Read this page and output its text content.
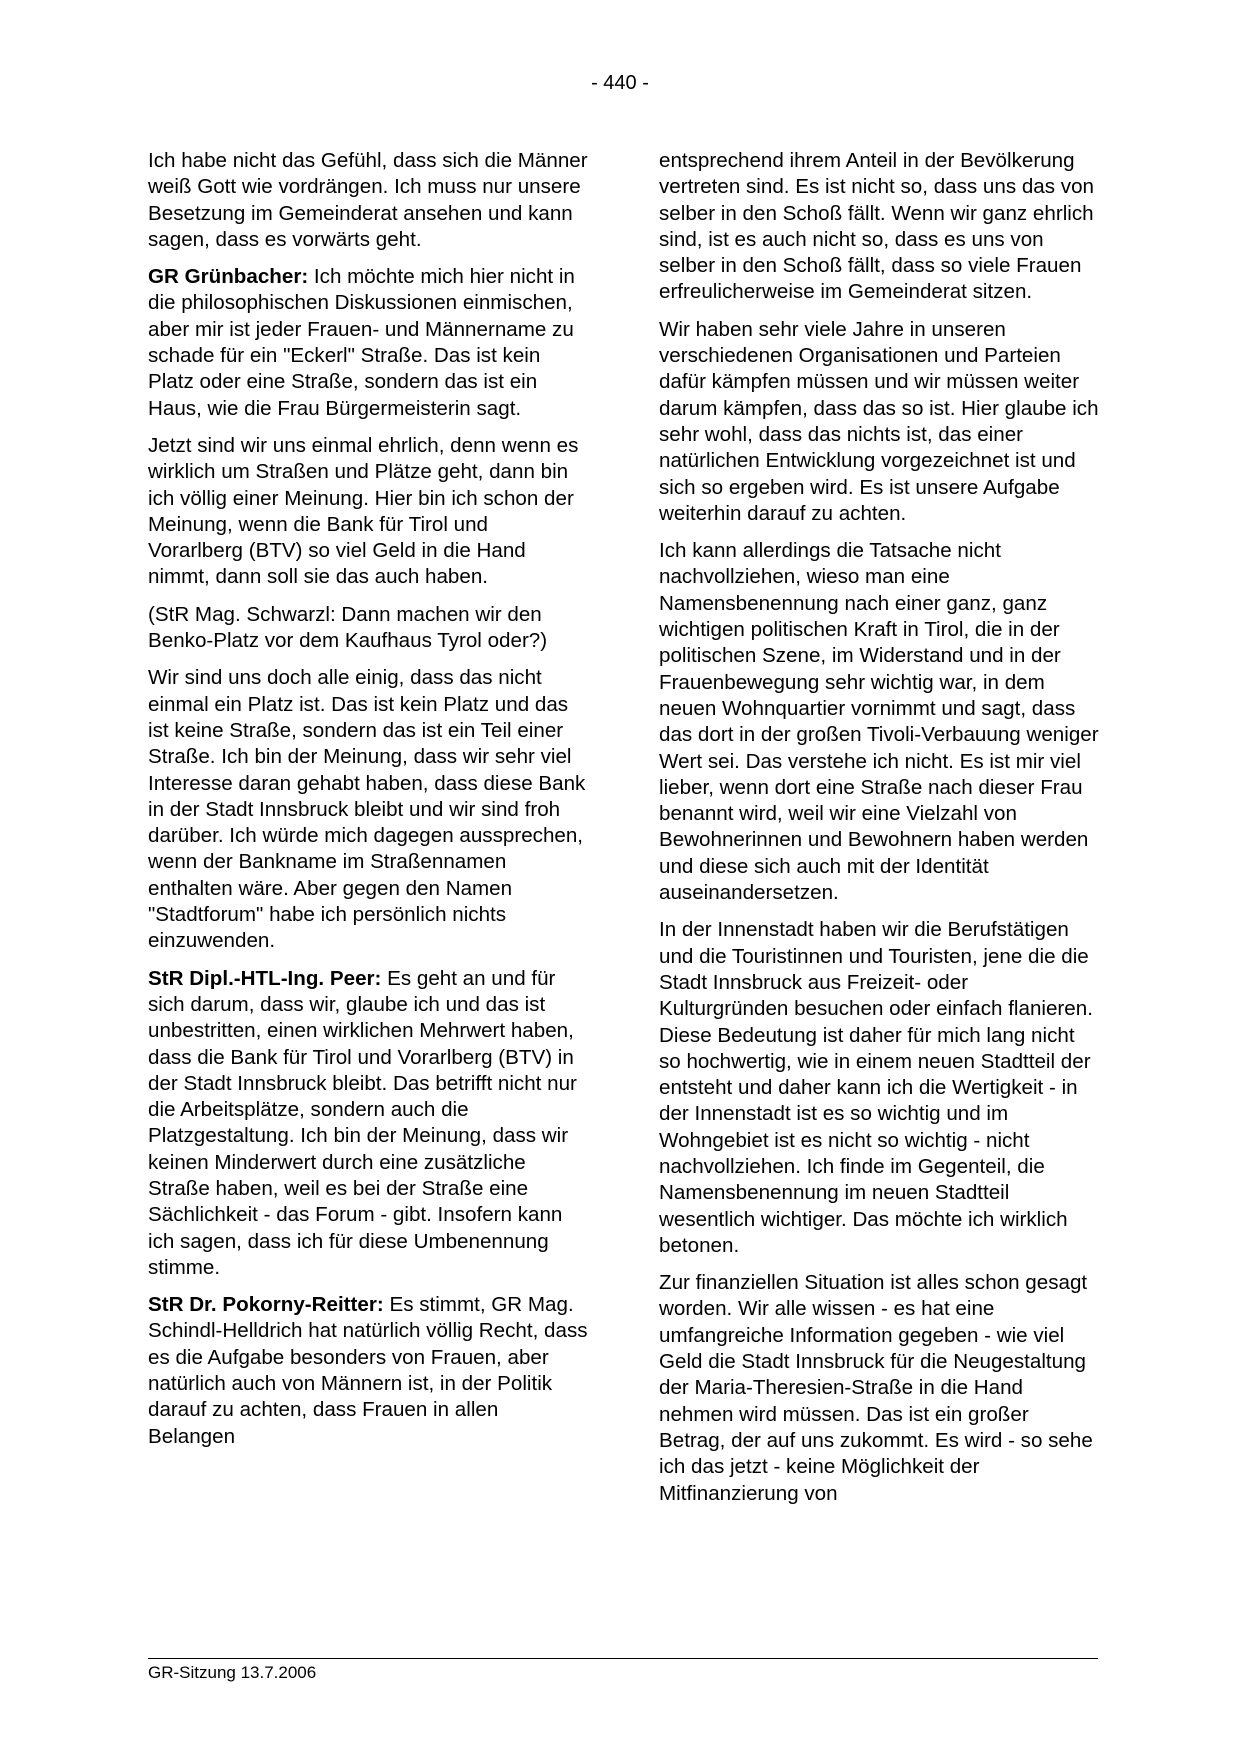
- 440 -

Ich habe nicht das Gefühl, dass sich die Männer weiß Gott wie vordrängen. Ich muss nur unsere Besetzung im Gemeinderat ansehen und kann sagen, dass es vorwärts geht.

GR Grünbacher: Ich möchte mich hier nicht in die philosophischen Diskussionen einmischen, aber mir ist jeder Frauen- und Männername zu schade für ein "Eckerl" Straße. Das ist kein Platz oder eine Straße, sondern das ist ein Haus, wie die Frau Bürgermeisterin sagt.

Jetzt sind wir uns einmal ehrlich, denn wenn es wirklich um Straßen und Plätze geht, dann bin ich völlig einer Meinung. Hier bin ich schon der Meinung, wenn die Bank für Tirol und Vorarlberg (BTV) so viel Geld in die Hand nimmt, dann soll sie das auch haben.

(StR Mag. Schwarzl: Dann machen wir den Benko-Platz vor dem Kaufhaus Tyrol oder?)

Wir sind uns doch alle einig, dass das nicht einmal ein Platz ist. Das ist kein Platz und das ist keine Straße, sondern das ist ein Teil einer Straße. Ich bin der Meinung, dass wir sehr viel Interesse daran gehabt haben, dass diese Bank in der Stadt Innsbruck bleibt und wir sind froh darüber. Ich würde mich dagegen aussprechen, wenn der Bankname im Straßennamen enthalten wäre. Aber gegen den Namen "Stadtforum" habe ich persönlich nichts einzuwenden.

StR Dipl.-HTL-Ing. Peer: Es geht an und für sich darum, dass wir, glaube ich und das ist unbestritten, einen wirklichen Mehrwert haben, dass die Bank für Tirol und Vorarlberg (BTV) in der Stadt Innsbruck bleibt. Das betrifft nicht nur die Arbeitsplätze, sondern auch die Platzgestaltung. Ich bin der Meinung, dass wir keinen Minderwert durch eine zusätzliche Straße haben, weil es bei der Straße eine Sächlichkeit - das Forum - gibt. Insofern kann ich sagen, dass ich für diese Umbenennung stimme.

StR Dr. Pokorny-Reitter: Es stimmt, GR Mag. Schindl-Helldrich hat natürlich völlig Recht, dass es die Aufgabe besonders von Frauen, aber natürlich auch von Männern ist, in der Politik darauf zu achten, dass Frauen in allen Belangen

entsprechend ihrem Anteil in der Bevölkerung vertreten sind. Es ist nicht so, dass uns das von selber in den Schoß fällt. Wenn wir ganz ehrlich sind, ist es auch nicht so, dass es uns von selber in den Schoß fällt, dass so viele Frauen erfreulicherweise im Gemeinderat sitzen.

Wir haben sehr viele Jahre in unseren verschiedenen Organisationen und Parteien dafür kämpfen müssen und wir müssen weiter darum kämpfen, dass das so ist. Hier glaube ich sehr wohl, dass das nichts ist, das einer natürlichen Entwicklung vorgezeichnet ist und sich so ergeben wird. Es ist unsere Aufgabe weiterhin darauf zu achten.

Ich kann allerdings die Tatsache nicht nachvollziehen, wieso man eine Namensbenennung nach einer ganz, ganz wichtigen politischen Kraft in Tirol, die in der politischen Szene, im Widerstand und in der Frauenbewegung sehr wichtig war, in dem neuen Wohnquartier vornimmt und sagt, dass das dort in der großen Tivoli-Verbauung weniger Wert sei. Das verstehe ich nicht. Es ist mir viel lieber, wenn dort eine Straße nach dieser Frau benannt wird, weil wir eine Vielzahl von Bewohnerinnen und Bewohnern haben werden und diese sich auch mit der Identität auseinandersetzen.

In der Innenstadt haben wir die Berufstätigen und die Touristinnen und Touristen, jene die die Stadt Innsbruck aus Freizeit- oder Kulturgründen besuchen oder einfach flanieren. Diese Bedeutung ist daher für mich lang nicht so hochwertig, wie in einem neuen Stadtteil der entsteht und daher kann ich die Wertigkeit - in der Innenstadt ist es so wichtig und im Wohngebiet ist es nicht so wichtig - nicht nachvollziehen. Ich finde im Gegenteil, die Namensbenennung im neuen Stadtteil wesentlich wichtiger. Das möchte ich wirklich betonen.

Zur finanziellen Situation ist alles schon gesagt worden. Wir alle wissen - es hat eine umfangreiche Information gegeben - wie viel Geld die Stadt Innsbruck für die Neugestaltung der Maria-Theresien-Straße in die Hand nehmen wird müssen. Das ist ein großer Betrag, der auf uns zukommt. Es wird - so sehe ich das jetzt - keine Möglichkeit der Mitfinanzierung von

GR-Sitzung 13.7.2006
